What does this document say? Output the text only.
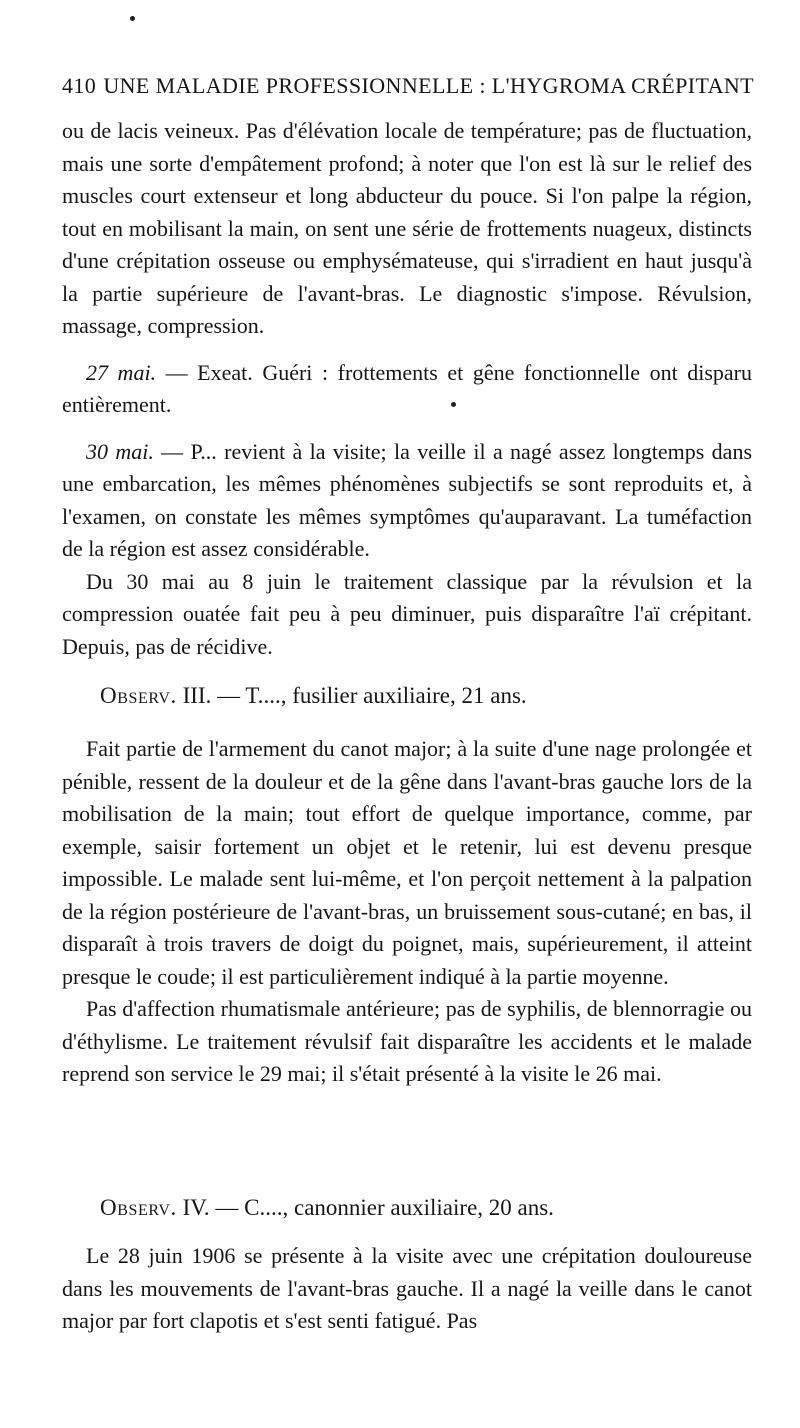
410 UNE MALADIE PROFESSIONNELLE : L'HYGROMA CRÉPITANT

ou de lacis veineux. Pas d'élévation locale de température; pas de fluctuation, mais une sorte d'empâtement profond; à noter que l'on est là sur le relief des muscles court extenseur et long abducteur du pouce. Si l'on palpe la région, tout en mobilisant la main, on sent une série de frottements nuageux, distincts d'une crépitation osseuse ou emphysémateuse, qui s'irradient en haut jusqu'à la partie supérieure de l'avant-bras. Le diagnostic s'impose. Révulsion, massage, compression.

27 mai. — Exeat. Guéri : frottements et gêne fonctionnelle ont disparu entièrement.

30 mai. — P... revient à la visite; la veille il a nagé assez longtemps dans une embarcation, les mêmes phénomènes subjectifs se sont reproduits et, à l'examen, on constate les mêmes symptômes qu'auparavant. La tuméfaction de la région est assez considérable.

Du 30 mai au 8 juin le traitement classique par la révulsion et la compression ouatée fait peu à peu diminuer, puis disparaître l'aï crépitant. Depuis, pas de récidive.

Observ. III. — T...., fusilier auxiliaire, 21 ans.

Fait partie de l'armement du canot major; à la suite d'une nage prolongée et pénible, ressent de la douleur et de la gêne dans l'avant-bras gauche lors de la mobilisation de la main; tout effort de quelque importance, comme, par exemple, saisir fortement un objet et le retenir, lui est devenu presque impossible. Le malade sent lui-même, et l'on perçoit nettement à la palpation de la région postérieure de l'avant-bras, un bruissement sous-cutané; en bas, il disparaît à trois travers de doigt du poignet, mais, supérieurement, il atteint presque le coude; il est particulièrement indiqué à la partie moyenne.

Pas d'affection rhumatismale antérieure; pas de syphilis, de blennorragie ou d'éthylisme. Le traitement révulsif fait disparaître les accidents et le malade reprend son service le 29 mai; il s'était présenté à la visite le 26 mai.

Observ. IV. — C...., canonnier auxiliaire, 20 ans.

Le 28 juin 1906 se présente à la visite avec une crépitation douloureuse dans les mouvements de l'avant-bras gauche. Il a nagé la veille dans le canot major par fort clapotis et s'est senti fatigué. Pas
